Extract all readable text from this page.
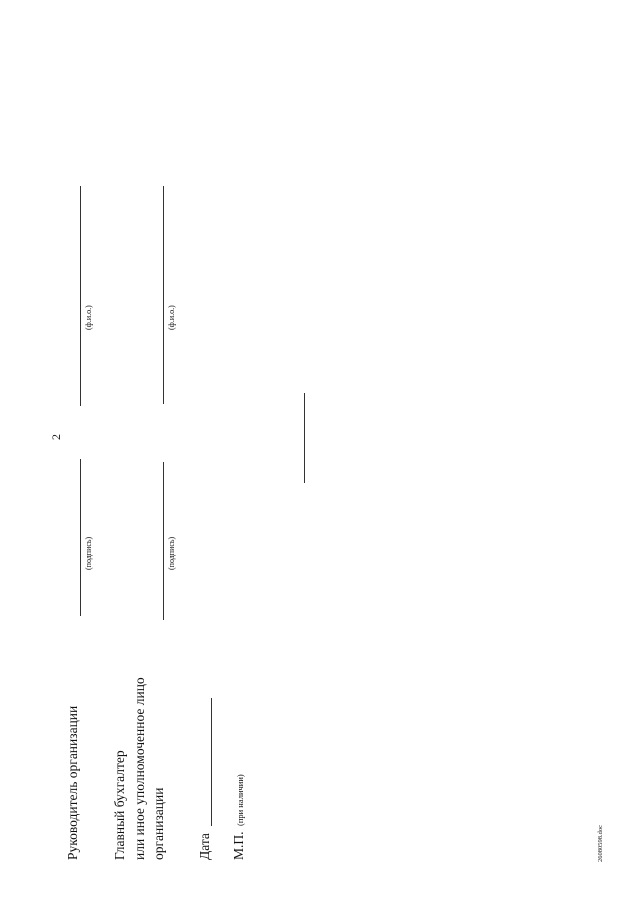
2
Руководитель организации
(подпись)
(ф.и.о.)
Главный бухгалтер или иное уполномоченное лицо организации
(подпись)
(ф.и.о.)
Дата М.П.
(при наличии)
26080598.doc
